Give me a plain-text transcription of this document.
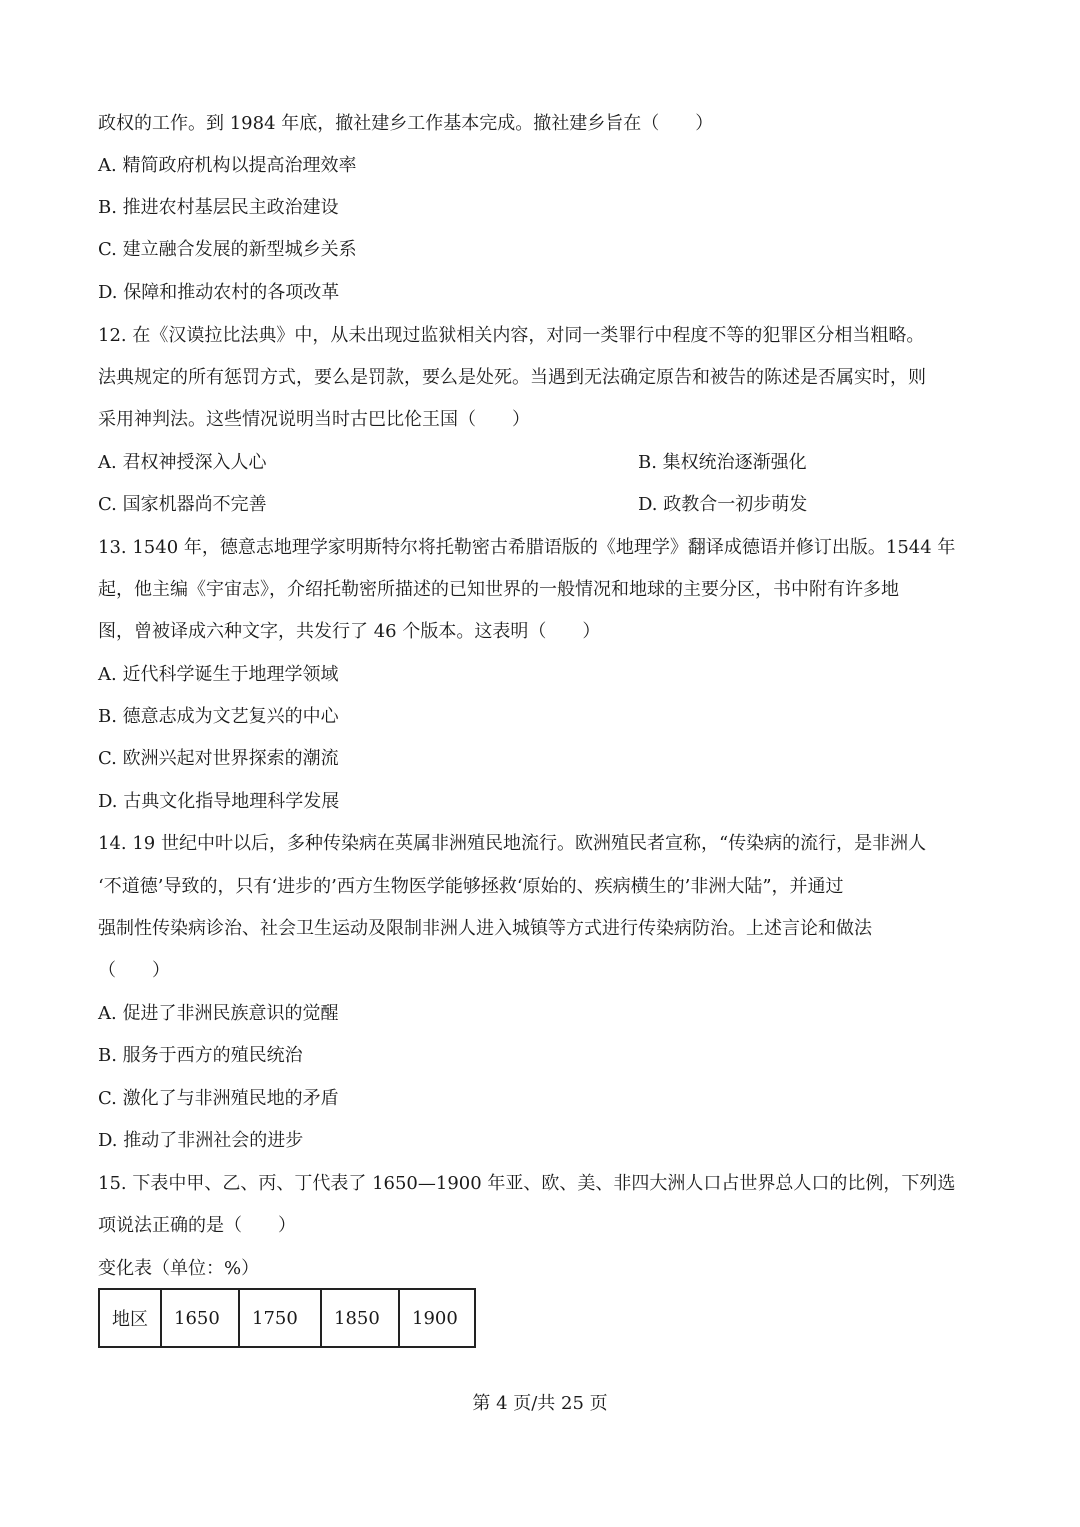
政权的工作。到 1984 年底，撤社建乡工作基本完成。撤社建乡旨在（　　）
A. 精简政府机构以提高治理效率
B. 推进农村基层民主政治建设
C. 建立融合发展的新型城乡关系
D. 保障和推动农村的各项改革
12. 在《汉谟拉比法典》中，从未出现过监狱相关内容，对同一类罪行中程度不等的犯罪区分相当粗略。
法典规定的所有惩罚方式，要么是罚款，要么是处死。当遇到无法确定原告和被告的陈述是否属实时，则
采用神判法。这些情况说明当时古巴比伦王国（　　）
A. 君权神授深入人心	B. 集权统治逐渐强化
C. 国家机器尚不完善	D. 政教合一初步萌发
13. 1540 年，德意志地理学家明斯特尔将托勒密古希腊语版的《地理学》翻译成德语并修订出版。1544 年
起，他主编《宇宙志》，介绍托勒密所描述的已知世界的一般情况和地球的主要分区，书中附有许多地
图，曾被译成六种文字，共发行了 46 个版本。这表明（　　）
A. 近代科学诞生于地理学领域
B. 德意志成为文艺复兴的中心
C. 欧洲兴起对世界探索的潮流
D. 古典文化指导地理科学发展
14. 19 世纪中叶以后，多种传染病在英属非洲殖民地流行。欧洲殖民者宣称，“传染病的流行，是非洲人
‘不道德’导致的，只有‘进步的’西方生物医学能够拯救‘原始的、疾病横生的’非洲大陆”，并通过
强制性传染病诊治、社会卫生运动及限制非洲人进入城镇等方式进行传染病防治。上述言论和做法
（　　）
A. 促进了非洲民族意识的觉醒
B. 服务于西方的殖民统治
C. 激化了与非洲殖民地的矛盾
D. 推动了非洲社会的进步
15. 下表中甲、乙、丙、丁代表了 1650—1900 年亚、欧、美、非四大洲人口占世界总人口的比例，下列选
项说法正确的是（　　）
变化表（单位：%）
地区	1650	1750	1850	1900
第 4 页/共 25 页
